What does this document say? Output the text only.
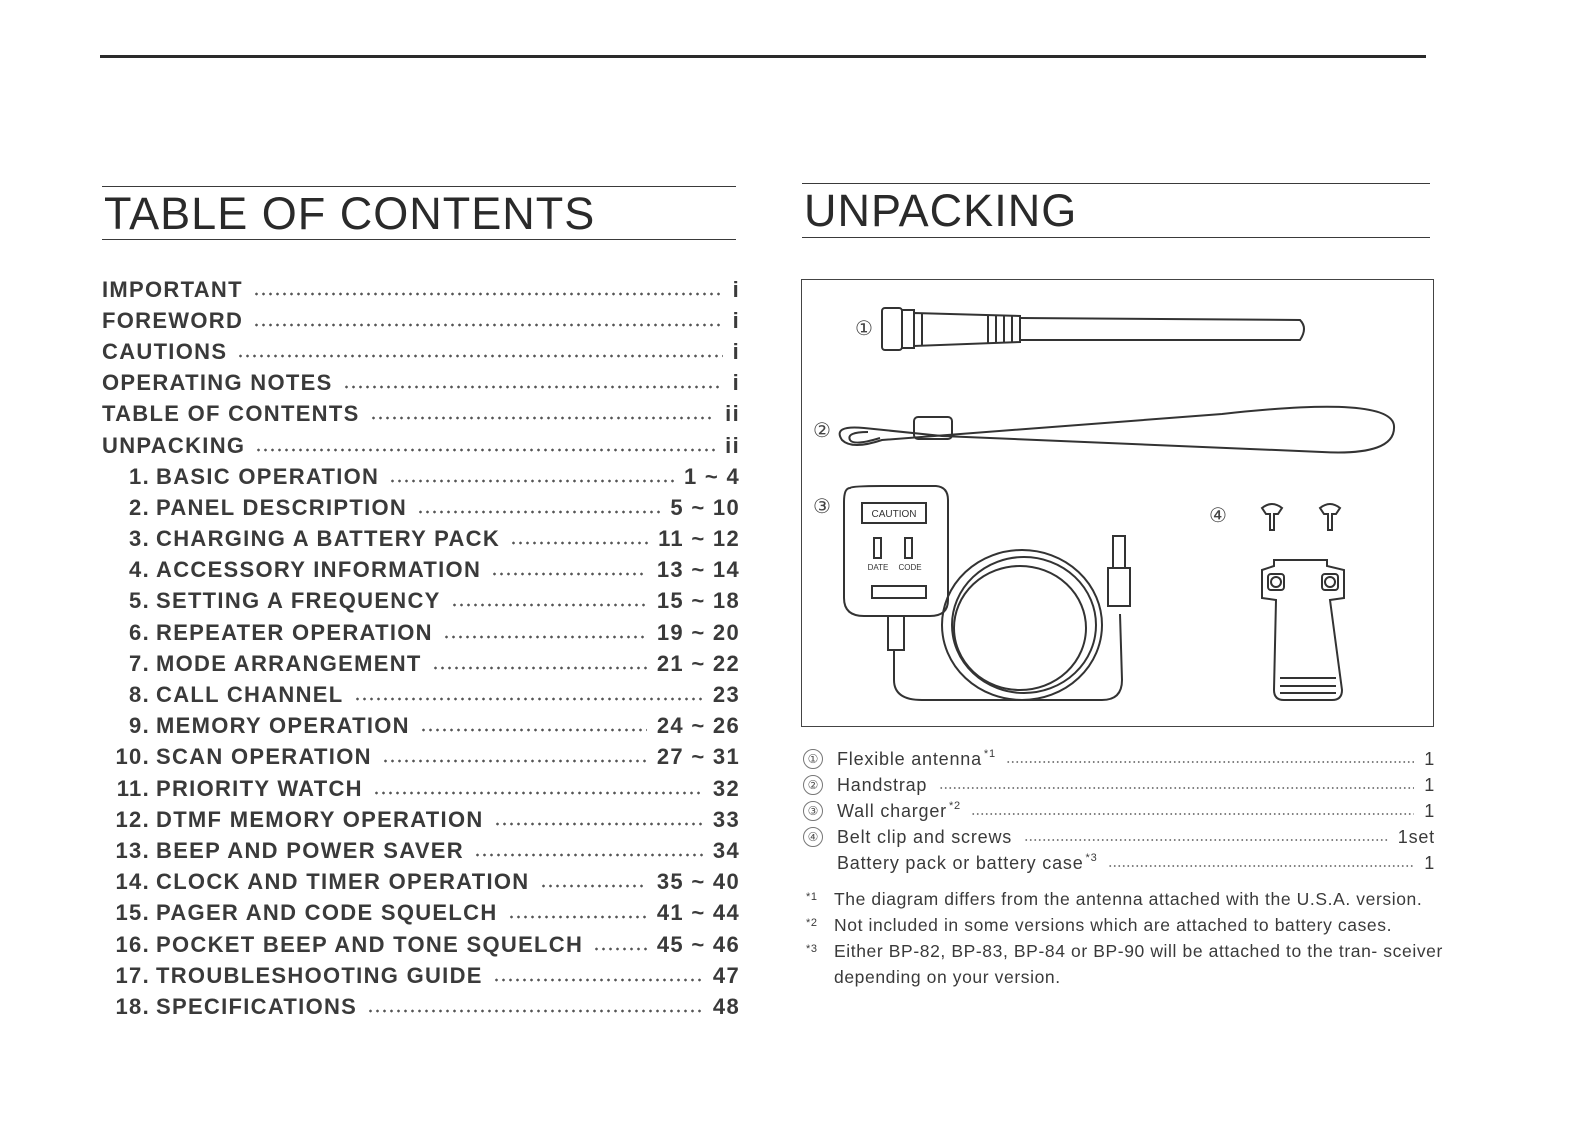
TABLE OF CONTENTS
IMPORTANT	i
FOREWORD	i
CAUTIONS	i
OPERATING NOTES	i
TABLE OF CONTENTS	ii
UNPACKING	ii
1. BASIC OPERATION	1 ~ 4
2. PANEL DESCRIPTION	5 ~ 10
3. CHARGING A BATTERY PACK	11 ~ 12
4. ACCESSORY INFORMATION	13 ~ 14
5. SETTING A FREQUENCY	15 ~ 18
6. REPEATER OPERATION	19 ~ 20
7. MODE ARRANGEMENT	21 ~ 22
8. CALL CHANNEL	23
9. MEMORY OPERATION	24 ~ 26
10. SCAN OPERATION	27 ~ 31
11. PRIORITY WATCH	32
12. DTMF MEMORY OPERATION	33
13. BEEP AND POWER SAVER	34
14. CLOCK AND TIMER OPERATION	35 ~ 40
15. PAGER AND CODE SQUELCH	41 ~ 44
16. POCKET BEEP AND TONE SQUELCH	45 ~ 46
17. TROUBLESHOOTING GUIDE	47
18. SPECIFICATIONS	48
UNPACKING
CAUTION
DATE CODE
①
②
③	④
① Flexible antenna $^{*1}$	1
② Handstrap	1
③ Wall charger $^{*2}$	1
④ Belt clip and screws	1set
Battery pack or battery case $^{*3}$	1
*1 The diagram differs from the antenna attached with the U.S.A. version.
*2 Not included in some versions which are attached to battery cases.
*3 Either BP-82, BP-83, BP-84 or BP-90 will be attached to the tran- sceiver depending on your version.
